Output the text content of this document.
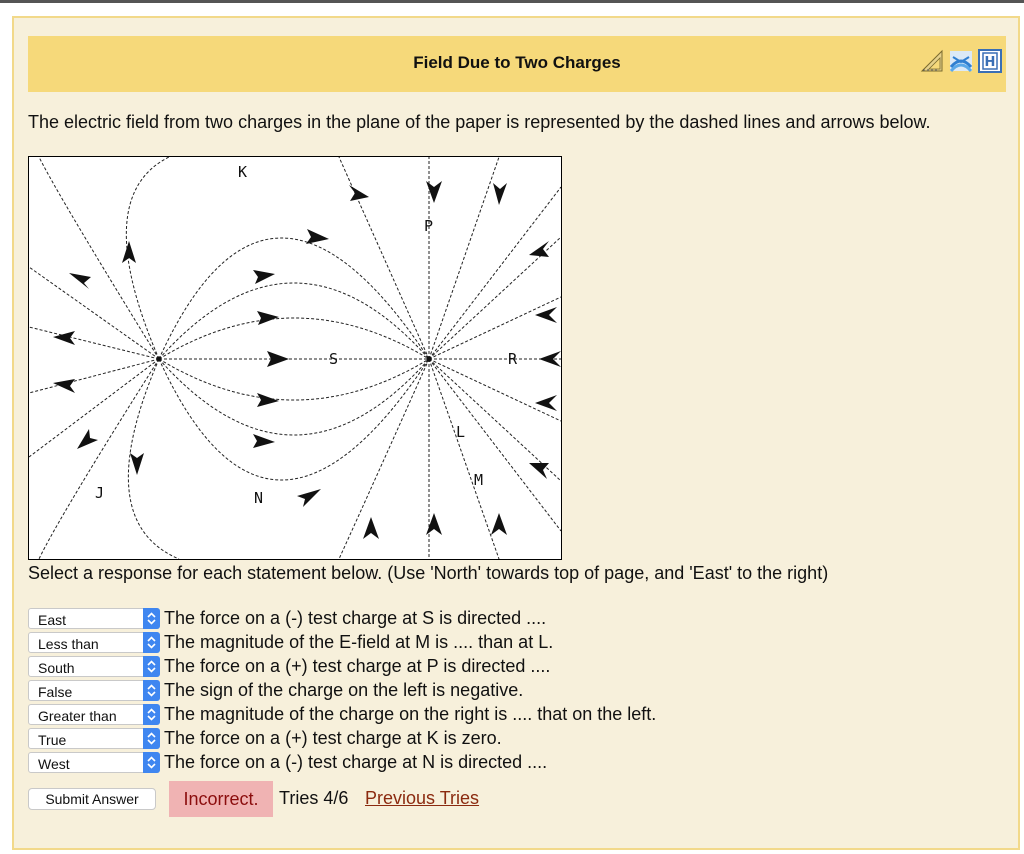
Field Due to Two Charges	H
The electric field from two charges in the plane of the paper is represented by the dashed lines and arrows below.
K
P
S	R
L
M
J	N
Select a response for each statement below. (Use 'North' towards top of page, and 'East' to the right)
East	The force on a (-) test charge at S is directed ....
Less than	The magnitude of the E-field at M is .... than at L.
South	The force on a (+) test charge at P is directed ....
False	The sign of the charge on the left is negative.
Greater than	The magnitude of the charge on the right is .... that on the left.
True	The force on a (+) test charge at K is zero.
West	The force on a (-) test charge at N is directed ....
Submit Answer	Incorrect.	Tries 4/6 Previous Tries
